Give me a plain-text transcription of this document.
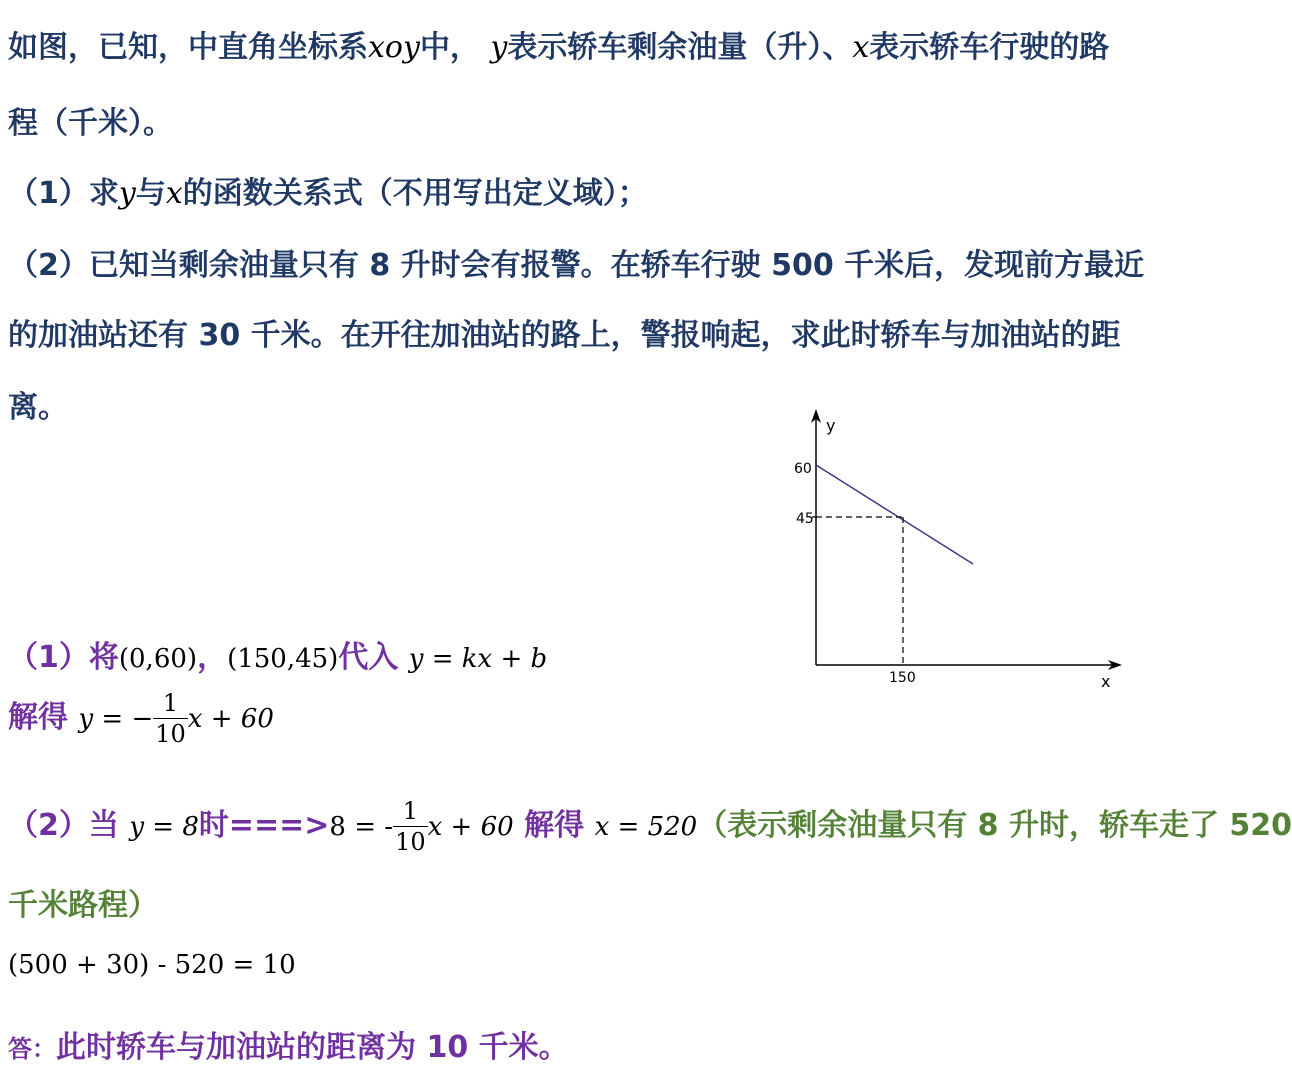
如图，已知，中直角坐标系xoy中， y表示轿车剩余油量（升）、x表示轿车行驶的路
程（千米）。
（1）求y与x的函数关系式（不用写出定义域）；
（2）已知当剩余油量只有 8 升时会有报警。在轿车行驶 500 千米后，发现前方最近
的加油站还有 30 千米。在开往加油站的路上，警报响起，求此时轿车与加油站的距
离。
y
x
60
45
150
（1）将(0,60)，(150,45)代入 y = kx + b
解得 y = − $\frac{1}{10}$ x + 60
（2）当 y = 8时===>8 = - $\frac{1}{10}$ x + 60 解得 x = 520（表示剩余油量只有 8 升时，轿车走了 520
千米路程）
(500 + 30) - 520 = 10
答：此时轿车与加油站的距离为 10 千米。
